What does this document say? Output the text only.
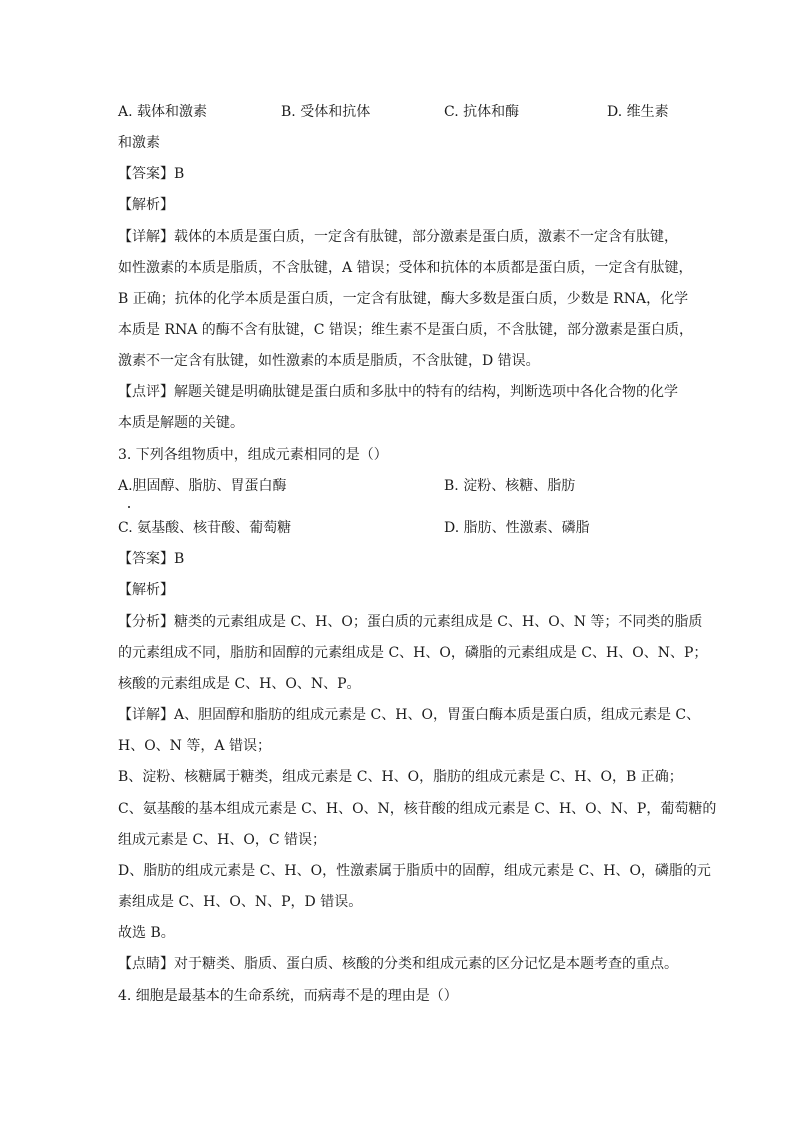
A. 载体和激素	B. 受体和抗体	C. 抗体和酶	D. 维生素
和激素
【答案】B
【解析】
【详解】载体的本质是蛋白质，一定含有肽键，部分激素是蛋白质，激素不一定含有肽键，
如性激素的本质是脂质，不含肽键，A 错误；受体和抗体的本质都是蛋白质，一定含有肽键，
B 正确；抗体的化学本质是蛋白质，一定含有肽键，酶大多数是蛋白质，少数是 RNA，化学
本质是 RNA 的酶不含有肽键，C 错误；维生素不是蛋白质，不含肽键，部分激素是蛋白质，
激素不一定含有肽键，如性激素的本质是脂质，不含肽键，D 错误。
【点评】解题关键是明确肽键是蛋白质和多肽中的特有的结构，判断选项中各化合物的化学
本质是解题的关键。
3. 下列各组物质中，组成元素相同的是（）
A.胆固醇、脂肪、胃蛋白酶	B. 淀粉、核糖、脂肪
C. 氨基酸、核苷酸、葡萄糖	D. 脂肪、性激素、磷脂
【答案】B
【解析】
【分析】糖类的元素组成是 C、H、O；蛋白质的元素组成是 C、H、O、N 等；不同类的脂质
的元素组成不同，脂肪和固醇的元素组成是 C、H、O，磷脂的元素组成是 C、H、O、N、P；
核酸的元素组成是 C、H、O、N、P。
【详解】A、胆固醇和脂肪的组成元素是 C、H、O，胃蛋白酶本质是蛋白质，组成元素是 C、
H、O、N 等，A 错误；
B、淀粉、核糖属于糖类，组成元素是 C、H、O，脂肪的组成元素是 C、H、O，B 正确；
C、氨基酸的基本组成元素是 C、H、O、N，核苷酸的组成元素是 C、H、O、N、P，葡萄糖的
组成元素是 C、H、O，C 错误；
D、脂肪的组成元素是 C、H、O，性激素属于脂质中的固醇，组成元素是 C、H、O，磷脂的元
素组成是 C、H、O、N、P，D 错误。
故选 B。
【点睛】对于糖类、脂质、蛋白质、核酸的分类和组成元素的区分记忆是本题考查的重点。
4. 细胞是最基本的生命系统，而病毒不是的理由是（）
